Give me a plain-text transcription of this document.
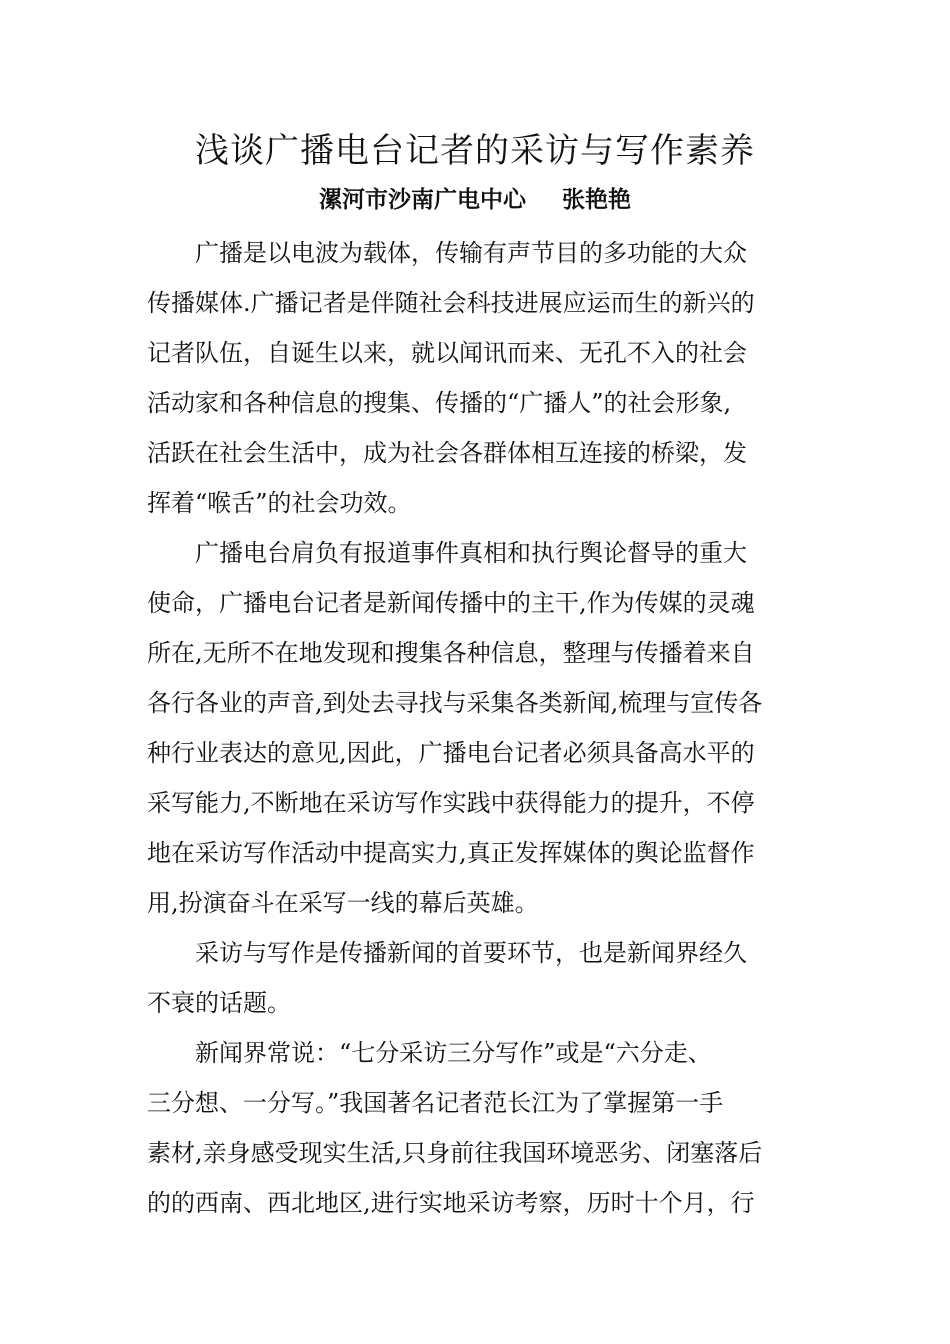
浅谈广播电台记者的采访与写作素养
漯河市沙南广电中心 张艳艳
　　广播是以电波为载体，传输有声节目的多功能的大众
传播媒体.广播记者是伴随社会科技进展应运而生的新兴的
记者队伍，自诞生以来，就以闻讯而来、无孔不入的社会
活动家和各种信息的搜集、传播的“广播人”的社会形象,
活跃在社会生活中，成为社会各群体相互连接的桥梁，发
挥着“喉舌”的社会功效。
　　广播电台肩负有报道事件真相和执行舆论督导的重大
使命，广播电台记者是新闻传播中的主干,作为传媒的灵魂
所在,无所不在地发现和搜集各种信息，整理与传播着来自
各行各业的声音,到处去寻找与采集各类新闻,梳理与宣传各
种行业表达的意见,因此，广播电台记者必须具备高水平的
采写能力,不断地在采访写作实践中获得能力的提升，不停
地在采访写作活动中提高实力,真正发挥媒体的舆论监督作
用,扮演奋斗在采写一线的幕后英雄。
　　采访与写作是传播新闻的首要环节，也是新闻界经久
不衰的话题。
　　新闻界常说：“七分采访三分写作”或是“六分走、
三分想、一分写。”我国著名记者范长江为了掌握第一手
素材,亲身感受现实生活,只身前往我国环境恶劣、闭塞落后
的的西南、西北地区,进行实地采访考察，历时十个月，行
